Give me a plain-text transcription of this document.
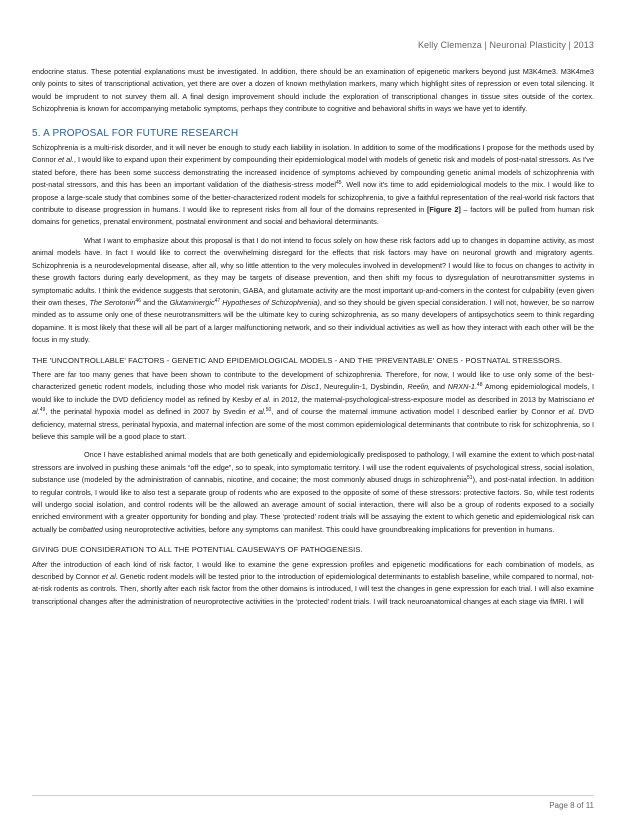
Kelly Clemenza | Neuronal Plasticity | 2013

endocrine status. These potential explanations must be investigated. In addition, there should be an examination of epigenetic markers beyond just M3K4me3. M3K4me3 only points to sites of transcriptional activation, yet there are over a dozen of known methylation markers, many which highlight sites of repression or even total silencing. It would be imprudent to not survey them all. A final design improvement should include the exploration of transcriptional changes in tissue sites outside of the cortex. Schizophrenia is known for accompanying metabolic symptoms, perhaps they contribute to cognitive and behavioral shifts in ways we have yet to identify.

5. A PROPOSAL FOR FUTURE RESEARCH

Schizophrenia is a multi-risk disorder, and it will never be enough to study each liability in isolation. In addition to some of the modifications I propose for the methods used by Connor et al., I would like to expand upon their experiment by compounding their epidemiological model with models of genetic risk and models of post-natal stressors. As I've stated before, there has been some success demonstrating the increased incidence of symptoms achieved by compounding genetic animal models of schizophrenia with post-natal stressors, and this has been an important validation of the diathesis-stress model$^{45}$. Well now it's time to add epidemiological models to the mix. I would like to propose a large-scale study that combines some of the better-characterized rodent models for schizophrenia, to give a faithful representation of the real-world risk factors that contribute to disease progression in humans. I would like to represent risks from all four of the domains represented in [Figure 2] – factors will be pulled from human risk domains for genetics, prenatal environment, postnatal environment and social and behavioral determinants.

What I want to emphasize about this proposal is that I do not intend to focus solely on how these risk factors add up to changes in dopamine activity, as most animal models have. In fact I would like to correct the overwhelming disregard for the effects that risk factors may have on neuronal growth and migratory agents. Schizophrenia is a neurodevelopmental disease, after all, why so little attention to the very molecules involved in development? I would like to focus on changes to activity in these growth factors during early development, as they may be targets of disease prevention, and then shift my focus to dysregulation of neurotransmitter systems in symptomatic adults. I think the evidence suggests that serotonin, GABA, and glutamate activity are the most important up-and-comers in the contest for culpability (even given their own theses, The Serotonin$^{46}$ and the Glutaminergic$^{47}$ Hypotheses of Schizophrenia), and so they should be given special consideration. I will not, however, be so narrow minded as to assume only one of these neurotransmitters will be the ultimate key to curing schizophrenia, as so many developers of antipsychotics seem to think regarding dopamine. It is most likely that these will all be part of a larger malfunctioning network, and so their individual activities as well as how they interact with each other will be the focus in my study.

THE 'UNCONTROLLABLE' FACTORS - GENETIC AND EPIDEMIOLOGICAL MODELS - AND THE 'PREVENTABLE' ONES - POSTNATAL STRESSORS.

There are far too many genes that have been shown to contribute to the development of schizophrenia. Therefore, for now, I would like to use only some of the best-characterized genetic rodent models, including those who model risk variants for Disc1, Neuregulin-1, Dysbindin, Reelin, and NRXN-1.48 Among epidemiological models, I would like to include the DVD deficiency model as refined by Kesby et al. in 2012, the maternal-psychological-stress-exposure model as described in 2013 by Matrisciano et al.$^{49}$, the perinatal hypoxia model as defined in 2007 by Svedin et al.$^{50}$, and of course the maternal immune activation model I described earlier by Connor et al. DVD deficiency, maternal stress, perinatal hypoxia, and maternal infection are some of the most common epidemiological determinants that contribute to risk for schizophrenia, so I believe this sample will be a good place to start.

Once I have established animal models that are both genetically and epidemiologically predisposed to pathology, I will examine the extent to which post-natal stressors are involved in pushing these animals “off the edge”, so to speak, into symptomatic territory. I will use the rodent equivalents of psychological stress, social isolation, substance use (modeled by the administration of cannabis, nicotine, and cocaine; the most commonly abused drugs in schizophrenia$^{51}$), and post-natal infection. In addition to regular controls, I would like to also test a separate group of rodents who are exposed to the opposite of some of these stressors: protective factors. So, while test rodents will undergo social isolation, and control rodents will be the allowed an average amount of social interaction, there will also be a group of rodents exposed to a socially enriched environment with a greater opportunity for bonding and play. These ‘protected’ rodent trials will be assaying the extent to which genetic and epidemiological risk can actually be combatted using neuroprotective activities, before any symptoms can manifest. This could have groundbreaking implications for prevention in humans.

GIVING DUE CONSIDERATION TO ALL THE POTENTIAL CAUSEWAYS OF PATHOGENESIS.

After the introduction of each kind of risk factor, I would like to examine the gene expression profiles and epigenetic modifications for each combination of models, as described by Connor et al. Genetic rodent models will be tested prior to the introduction of epidemiological determinants to establish baseline, while compared to normal, not-at-risk rodents as controls. Then, shortly after each risk factor from the other domains is introduced, I will test the changes in gene expression for each trial. I will also examine transcriptional changes after the administration of neuroprotective activities in the ‘protected’ rodent trials. I will track neuroanatomical changes at each stage via fMRI. I will

Page 8 of 11
